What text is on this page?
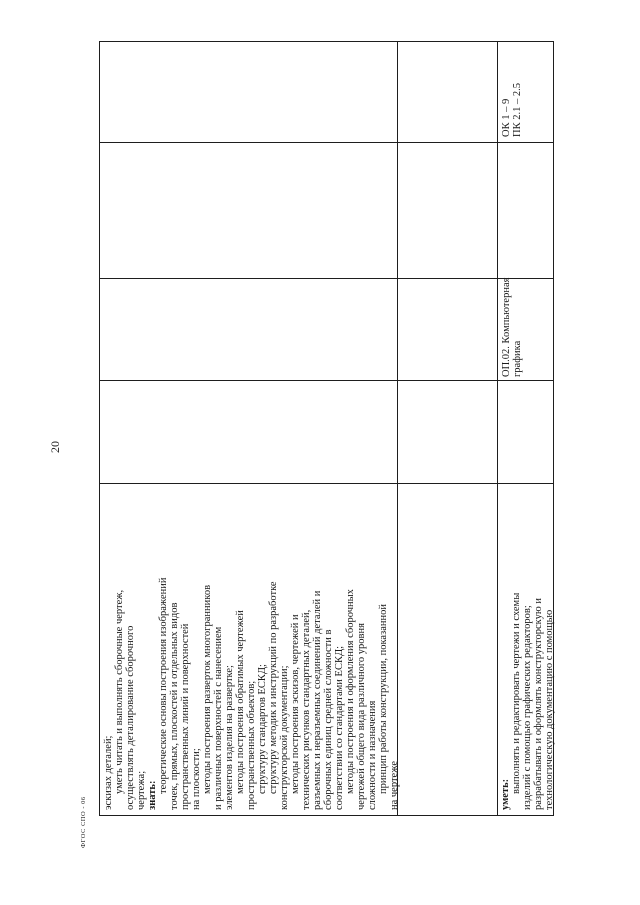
20
ФГОС СПО - 06
эскизах деталей; уметь читать и выполнять сборочные чертеж, осуществлять деталирование сборочного чертежа; знать:
теоретические основы построения изображений точек, прямых, плоскостей и отдельных видов пространственных линий и поверхностей на плоскости; методы построения разверток многогранников и различных поверхностей с нанесением элементов изделия на развертке; методы построения обратимых чертежей пространственных объектов; структуру стандартов ЕСКД; структуру методик и инструкций по разработке конструкторской документации; методы построения эскизов, чертежей и технических рисунков стандартных деталей, разъемных и неразъемных соединений деталей и сборочных единиц средней сложности в соответствии со стандартами ЕСКД; методы построения и оформления сборочных чертежей общего вида различного уровня сложности и назначения принцип работы конструкции, показанной на чертеже	уметь:
выполнять и редактировать чертежи и схемы изделий с помощью графических редакторов; разрабатывать и оформлять конструкторскую и технологическую документацию с помощью
ОП.02. Компьютерная графика
ОК 1 – 9 ПК 2.1 – 2.5
